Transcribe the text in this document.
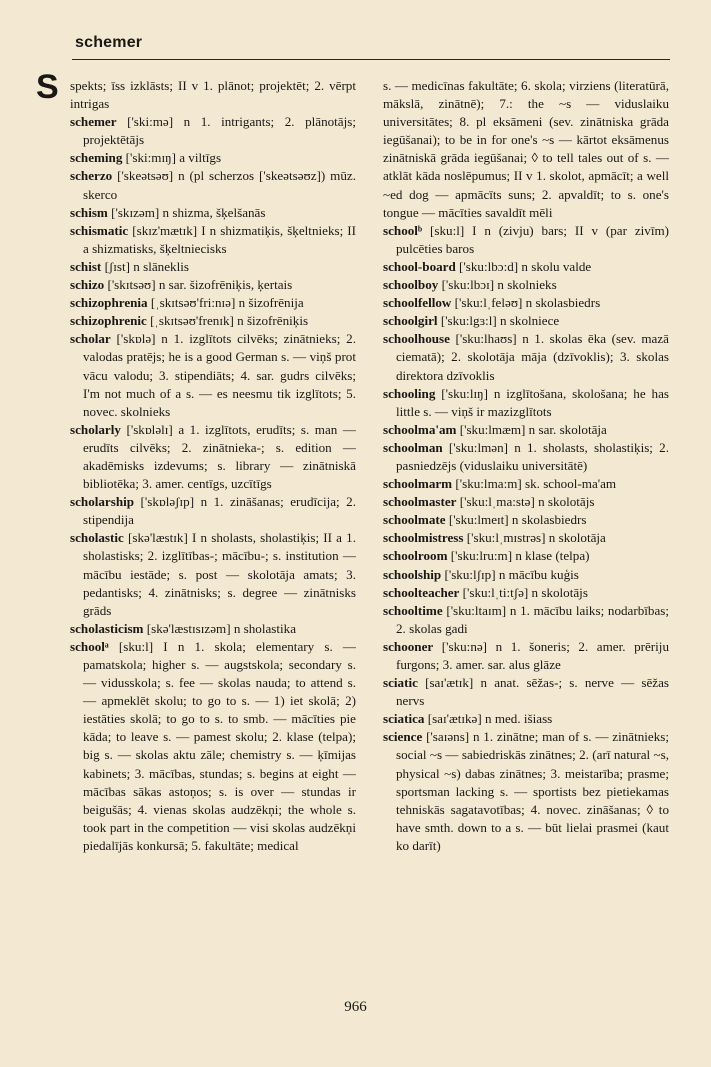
schemer
S spekts; īss izklāsts; II v 1. plānot; projektēt; 2. vērpt intrigas

schemer ['ski:mə] n 1. intrigants; 2. plānotājs; projektētājs

scheming ['ski:mɪŋ] a viltīgs

scherzo ['skeətsəʊ] n (pl scherzos ['skeətsəʊz]) mūz. skerco

schism ['skɪzəm] n shizma, šķelšanās

schismatic [skɪz'mætɪk] I n shizmatiķis, šķeltnieks; II a shizmatisks, šķeltniecisks

schist [ʃɪst] n slāneklis

schizo ['skɪtsəʊ] n sar. šizofrēniķis, ķertais

schizophrenia [ˌskɪtsəʊ'fri:nɪə] n šizofrēnija

schizophrenic [ˌskɪtsəʊ'frenɪk] n šizofrēniķis

scholar ['skɒlə] n 1. izglītots cilvēks; zinātnieks; 2. valodas pratējs; he is a good German s. — viņš prot vācu valodu; 3. stipendiāts; 4. sar. gudrs cilvēks; I'm not much of a s. — es neesmu tik izglītots; 5. novec. skolnieks

scholarly ['skɒləlɪ] a 1. izglītots, erudīts; s. man — erudīts cilvēks; 2. zinātnieka-; s. edition — akadēmisks izdevums; s. library — zinātniskā bibliotēka; 3. amer. centīgs, uzcītīgs

scholarship ['skɒləʃɪp] n 1. zināšanas; erudīcija; 2. stipendija

scholastic [skə'læstɪk] I n sholasts, sholastiķis; II a 1. sholastisks; 2. izglītības-; mācību-; s. institution — mācību iestāde; s. post — skolotāja amats; 3. pedantisks; 4. zinātnisks; s. degree — zinātnisks grāds

scholasticism [skə'læstɪsɪzəm] n sholastika

schoolᵃ [sku:l] I n 1. skola; elementary s. — pamatskola; higher s. — augstskola; secondary s. — vidusskola; s. fee — skolas nauda; to attend s. — apmeklēt skolu; to go to s. — 1) iet skolā; 2) iestāties skolā; to go to s. to smb. — mācīties pie kāda; to leave s. — pamest skolu; 2. klase (telpa); big s. — skolas aktu zāle; chemistry s. — ķīmijas kabinets; 3. mācības, stundas; s. begins at eight — mācības sākas astoņos; s. is over — stundas ir beigušās; 4. vienas skolas audzēkņi; the whole s. took part in the competition — visi skolas audzēkņi piedalījās konkursā; 5. fakultāte; medical

s. — medicīnas fakultāte; 6. skola; virziens (literatūrā, mākslā, zinātnē); 7.: the ~s — viduslaiku universitātes; 8. pl eksāmeni (sev. zinātniska grāda iegūšanai); to be in for one's ~s — kārtot eksāmenus zinātniskā grāda iegūšanai; ◊ to tell tales out of s. — atklāt kāda noslēpumus; II v 1. skolot, apmācīt; a well ~ed dog — apmācīts suns; 2. apvaldīt; to s. one's tongue — mācīties savaldīt mēli

schoolᵇ [sku:l] I n (zivju) bars; II v (par zivīm) pulcēties baros

school-board ['sku:lbɔ:d] n skolu valde

schoolboy ['sku:lbɔɪ] n skolnieks

schoolfellow ['sku:lˌfeləʊ] n skolasbiedrs

schoolgirl ['sku:lgɜ:l] n skolniece

schoolhouse ['sku:lhaʊs] n 1. skolas ēka (sev. mazā ciematā); 2. skolotāja māja (dzīvoklis); 3. skolas direktora dzīvoklis

schooling ['sku:lɪŋ] n izglītošana, skološana; he has little s. — viņš ir mazizglītots

schoolma'am ['sku:lmæm] n sar. skolotāja

schoolman ['sku:lmən] n 1. sholasts, sholastiķis; 2. pasniedzējs (viduslaiku universitātē)

schoolmarm ['sku:lma:m] sk. school-ma'am

schoolmaster ['sku:lˌma:stə] n skolotājs

schoolmate ['sku:lmeɪt] n skolasbiedrs

schoolmistress ['sku:lˌmɪstrəs] n skolotāja

schoolroom ['sku:lru:m] n klase (telpa)

schoolship ['sku:lʃɪp] n mācību kuģis

schoolteacher ['sku:lˌti:tʃə] n skolotājs

schooltime ['sku:ltaɪm] n 1. mācību laiks; nodarbības; 2. skolas gadi

schooner ['sku:nə] n 1. šoneris; 2. amer. prēriju furgons; 3. amer. sar. alus glāze

sciatic [saɪ'ætɪk] n anat. sēžas-; s. nerve — sēžas nervs

sciatica [saɪ'ætɪkə] n med. išiass

science ['saɪəns] n 1. zinātne; man of s. — zinātnieks; social ~s — sabiedriskās zinātnes; 2. (arī natural ~s, physical ~s) dabas zinātnes; 3. meistarība; prasme; sportsman lacking s. — sportists bez pietiekamas tehniskās sagatavotības; 4. novec. zināšanas; ◊ to have smth. down to a s. — būt lielai prasmei (kaut ko darīt)

966
